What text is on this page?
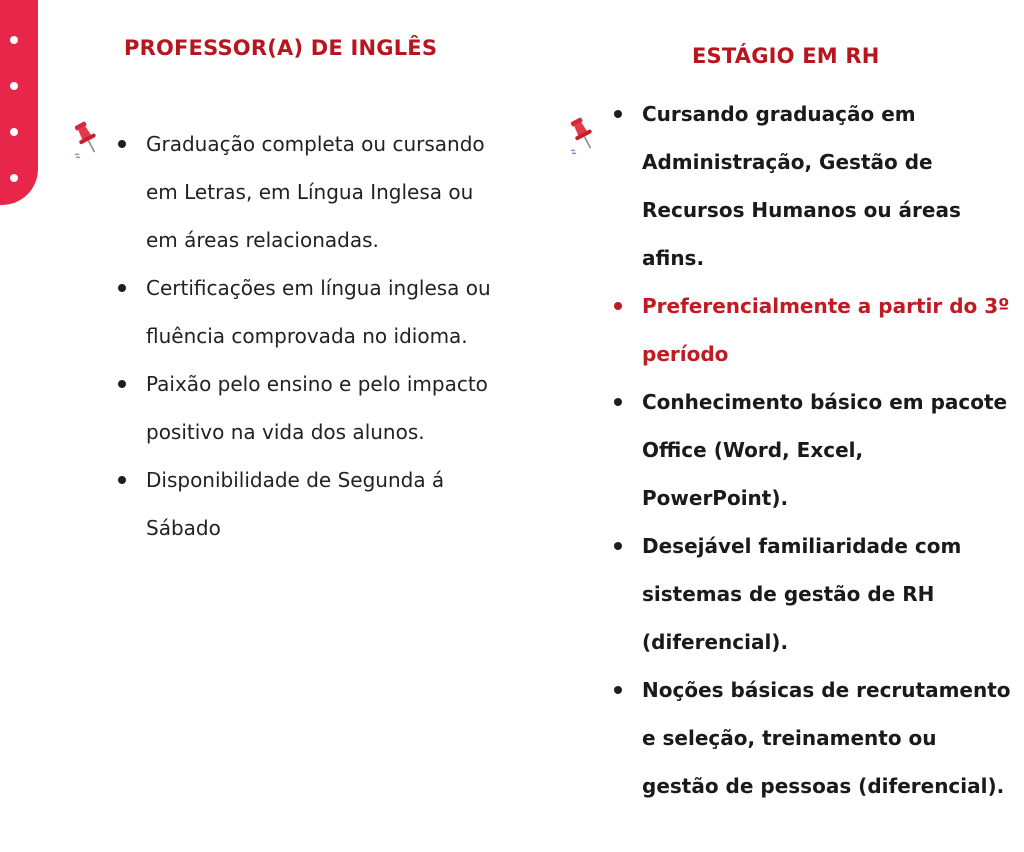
PROFESSOR(A) DE INGLÊS
Graduação completa ou cursando em Letras, em Língua Inglesa ou em áreas relacionadas.
Certificações em língua inglesa ou fluência comprovada no idioma.
Paixão pelo ensino e pelo impacto positivo na vida dos alunos.
Disponibilidade de Segunda á Sábado
ESTÁGIO EM RH
Cursando graduação em Administração, Gestão de Recursos Humanos ou áreas afins.
Preferencialmente a partir do 3º período
Conhecimento básico em pacote Office (Word, Excel, PowerPoint).
Desejável familiaridade com sistemas de gestão de RH (diferencial).
Noções básicas de recrutamento e seleção, treinamento ou gestão de pessoas (diferencial).
